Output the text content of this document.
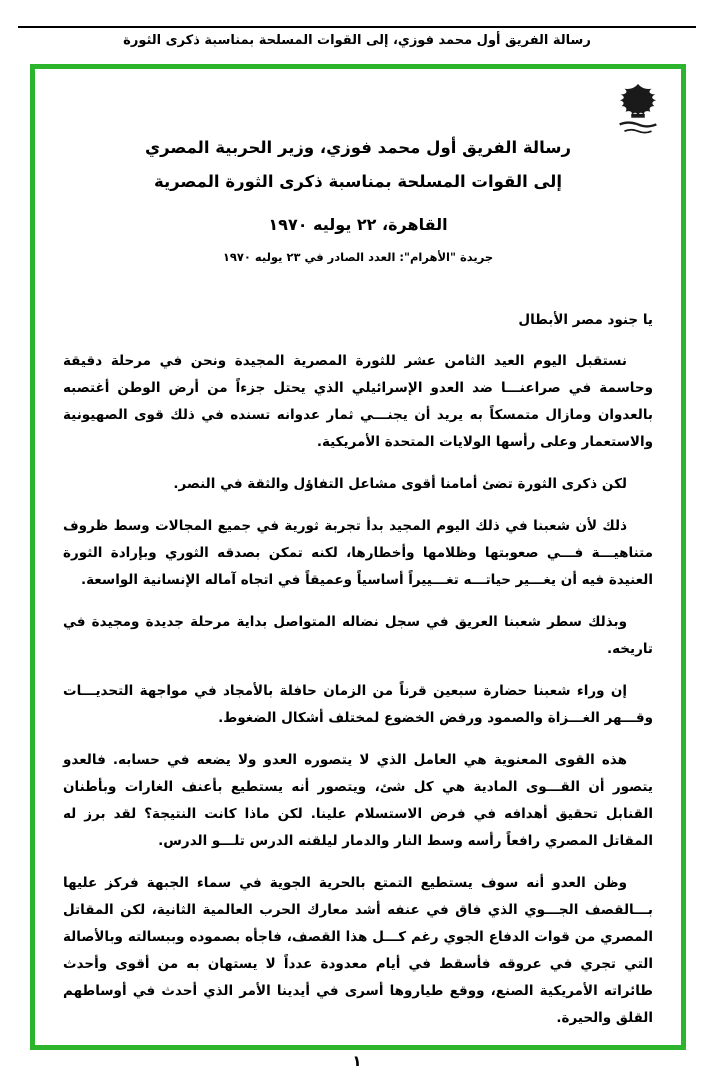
رسالة الفريق أول محمد فوزي، إلى القوات المسلحة بمناسبة ذكرى الثورة
رسالة الفريق أول محمد فوزي، وزير الحربية المصري
إلى القوات المسلحة بمناسبة ذكرى الثورة المصرية
القاهرة، ٢٢ يوليه ١٩٧٠
جريدة "الأهرام": العدد الصادر في ٢٣ يوليه ١٩٧٠
يا جنود مصر الأبطال

نستقبل اليوم العيد الثامن عشر للثورة المصرية المجيدة ونحن في مرحلة دقيقة وحاسمة في صراعنـــا ضد العدو الإسرائيلي الذي يحتل جزءاً من أرض الوطن أغتصبه بالعدوان ومازال متمسكاً به يريد أن يجنـــي ثمار عدوانه تسنده في ذلك قوى الصهيونية والاستعمار وعلى رأسها الولايات المتحدة الأمريكية.

لكن ذكرى الثورة تضئ أمامنا أقوى مشاعل التفاؤل والثقة في النصر.

ذلك لأن شعبنا في ذلك اليوم المجيد بدأ تجربة ثورية في جميع المجالات وسط ظروف متناهيـــة فـــي صعوبتها وظلامها وأخطارها، لكنه تمكن بصدقه الثوري وبإرادة الثورة العنيدة فيه أن يغـــير حياتـــه تغـــييراً أساسياً وعميقاً في اتجاه آماله الإنسانية الواسعة.

وبذلك سطر شعبنا العريق في سجل نضاله المتواصل بداية مرحلة جديدة ومجيدة في تاريخه.

إن وراء شعبنا حضارة سبعين قرناً من الزمان حافلة بالأمجاد في مواجهة التحديـــات وقـــهر الغـــزاة والصمود ورفض الخضوع لمختلف أشكال الضغوط.

هذه القوى المعنوية هي العامل الذي لا يتصوره العدو ولا يضعه في حسابه. فالعدو يتصور أن القـــوى المادية هي كل شئ، ويتصور أنه يستطيع بأعنف الغارات وبأطنان القنابل تحقيق أهدافه في فرض الاستسلام علينا. لكن ماذا كانت النتيجة؟ لقد برز له المقاتل المصري رافعاً رأسه وسط النار والدمار ليلقنه الدرس تلـــو الدرس.

وظن العدو أنه سوف يستطيع التمتع بالحرية الجوية في سماء الجبهة فركز عليها بـــالقصف الجـــوي الذي فاق في عنفه أشد معارك الحرب العالمية الثانية، لكن المقاتل المصري من قوات الدفاع الجوي رغم كـــل هذا القصف، فاجأه بصموده وببسالته وبالأصالة التي تجري في عروقه فأسقط في أيام معدودة عدداً لا يستهان به من أقوى وأحدث طائراته الأمريكية الصنع، ووقع طياروها أسرى في أيدينا الأمر الذي أحدث في أوساطهم القلق والحيرة.

١
